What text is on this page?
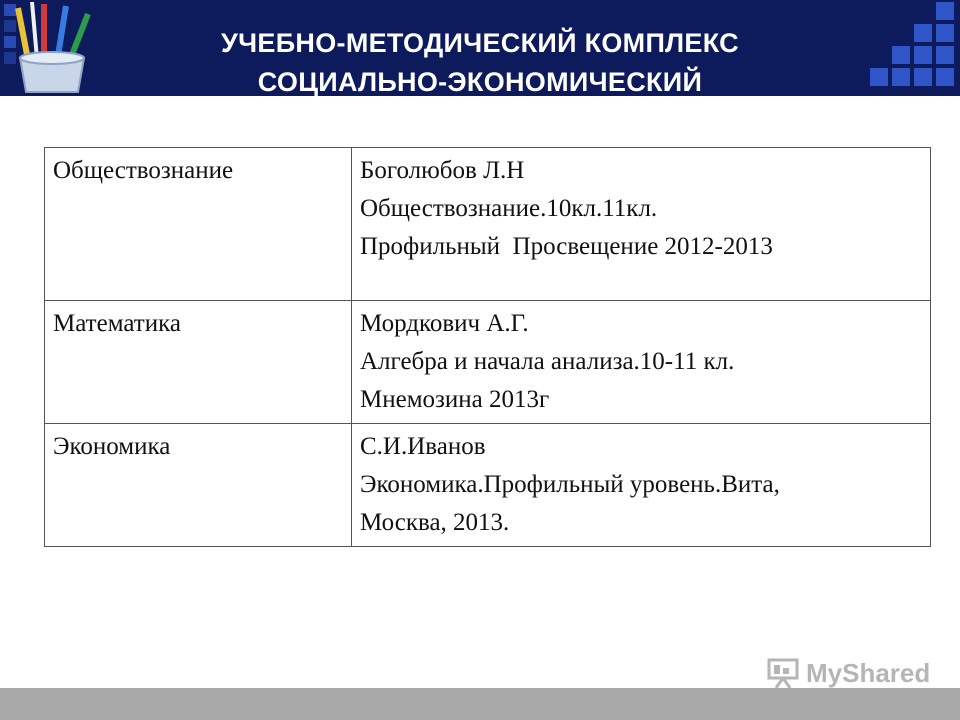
УЧЕБНО-МЕТОДИЧЕСКИЙ КОМПЛЕКС
СОЦИАЛЬНО-ЭКОНОМИЧЕСКИЙ
Обществознание	Боголюбов Л.Н
Обществознание.10кл.11кл.
Профильный  Просвещение 2012-2013

Математика	Мордкович А.Г.
Алгебра и начала анализа.10-11 кл.
Мнемозина 2013г

Экономика	С.И.Иванов
Экономика.Профильный уровень.Вита,
Москва, 2013.
MyShared
